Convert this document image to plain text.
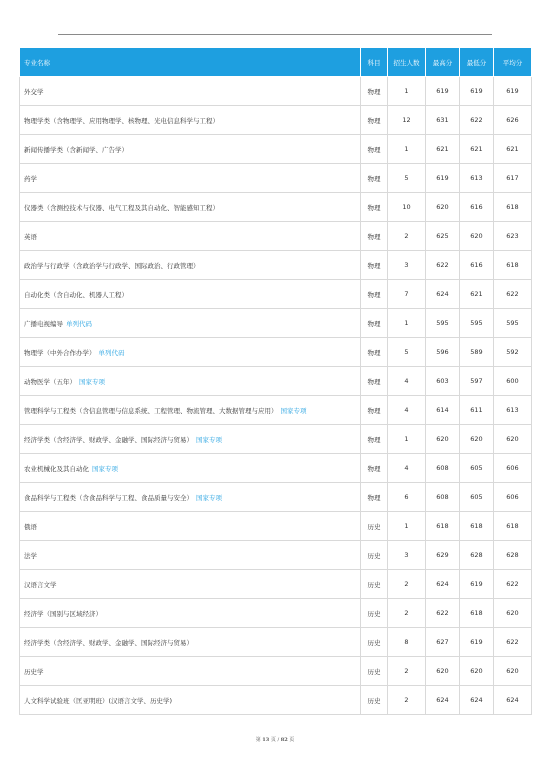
专业名称	科目	招生人数	最高分	最低分	平均分
外交学	物理	1	619	619	619
物理学类（含物理学、应用物理学、核物理、光电信息科学与工程）	物理	12	631	622	626
新闻传播学类（含新闻学、广告学）	物理	1	621	621	621
药学	物理	5	619	613	617
仪器类（含测控技术与仪器、电气工程及其自动化、智能感知工程）	物理	10	620	616	618
英语	物理	2	625	620	623
政治学与行政学（含政治学与行政学、国际政治、行政管理）	物理	3	622	616	618
自动化类（含自动化、机器人工程）	物理	7	624	621	622
广播电视编导 单列代码	物理	1	595	595	595
物理学（中外合作办学） 单列代码	物理	5	596	589	592
动物医学（五年） 国家专项	物理	4	603	597	600
管理科学与工程类（含信息管理与信息系统、工程管理、物流管理、大数据管理与应用） 国家专项	物理	4	614	611	613
经济学类（含经济学、财政学、金融学、国际经济与贸易） 国家专项	物理	1	620	620	620
农业机械化及其自动化 国家专项	物理	4	608	605	606
食品科学与工程类（含食品科学与工程、食品质量与安全） 国家专项	物理	6	608	605	606
俄语	历史	1	618	618	618
法学	历史	3	629	628	628
汉语言文学	历史	2	624	619	622
经济学（国别与区域经济）	历史	2	622	618	620
经济学类（含经济学、财政学、金融学、国际经济与贸易）	历史	8	627	619	622
历史学	历史	2	620	620	620
人文科学试验班（匡亚明班）(汉语言文学、历史学)	历史	2	624	624	624
第 13 页 / 82 页
